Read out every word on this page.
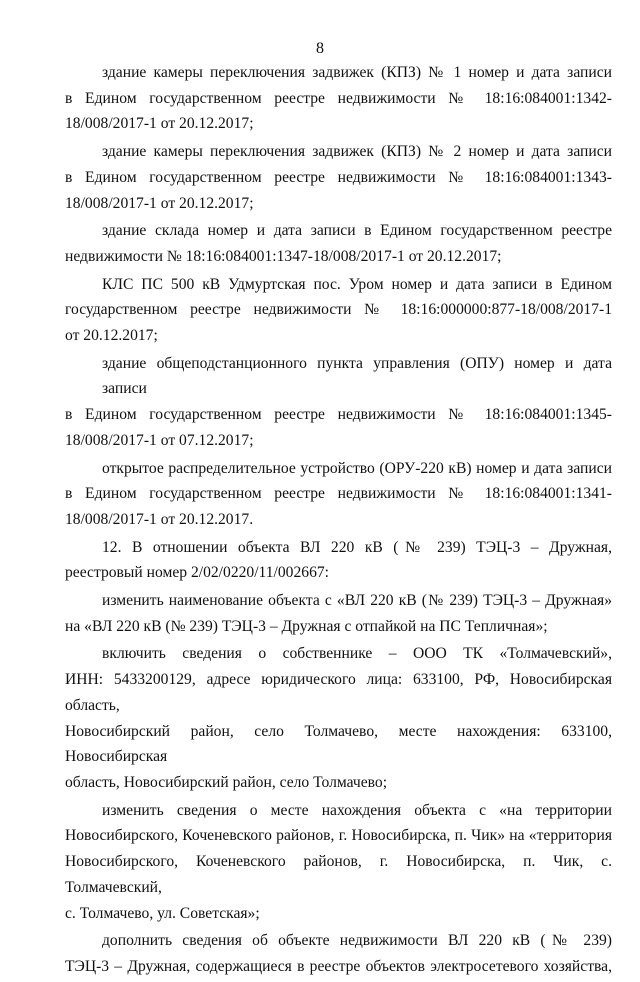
8
здание камеры переключения задвижек (КПЗ) № 1 номер и дата записи
в Едином государственном реестре недвижимости № 18:16:084001:1342-
18/008/2017-1 от 20.12.2017;
здание камеры переключения задвижек (КПЗ) № 2 номер и дата записи
в Едином государственном реестре недвижимости № 18:16:084001:1343-
18/008/2017-1 от 20.12.2017;
здание склада номер и дата записи в Едином государственном реестре
недвижимости № 18:16:084001:1347-18/008/2017-1 от 20.12.2017;
КЛС ПС 500 кВ Удмуртская пос. Уром номер и дата записи в Едином
государственном реестре недвижимости № 18:16:000000:877-18/008/2017-1
от 20.12.2017;
здание общеподстанционного пункта управления (ОПУ) номер и дата записи
в Едином государственном реестре недвижимости № 18:16:084001:1345-
18/008/2017-1 от 07.12.2017;
открытое распределительное устройство (ОРУ-220 кВ) номер и дата записи
в Едином государственном реестре недвижимости № 18:16:084001:1341-
18/008/2017-1 от 20.12.2017.
12. В отношении объекта ВЛ 220 кВ (№ 239) ТЭЦ-3 – Дружная,
реестровый номер 2/02/0220/11/002667:
изменить наименование объекта с «ВЛ 220 кВ (№ 239) ТЭЦ-3 – Дружная»
на «ВЛ 220 кВ (№ 239) ТЭЦ-3 – Дружная с отпайкой на ПС Тепличная»;
включить сведения о собственнике – ООО ТК «Толмачевский»,
ИНН: 5433200129, адресе юридического лица: 633100, РФ, Новосибирская область,
Новосибирский район, село Толмачево, месте нахождения: 633100, Новосибирская
область, Новосибирский район, село Толмачево;
изменить сведения о месте нахождения объекта с «на территории
Новосибирского, Коченевского районов, г. Новосибирска, п. Чик» на «территория
Новосибирского, Коченевского районов, г. Новосибирска, п. Чик, с. Толмачевский,
с. Толмачево, ул. Советская»;
дополнить сведения об объекте недвижимости ВЛ 220 кВ (№ 239)
ТЭЦ-3 – Дружная, содержащиеся в реестре объектов электросетевого хозяйства,
